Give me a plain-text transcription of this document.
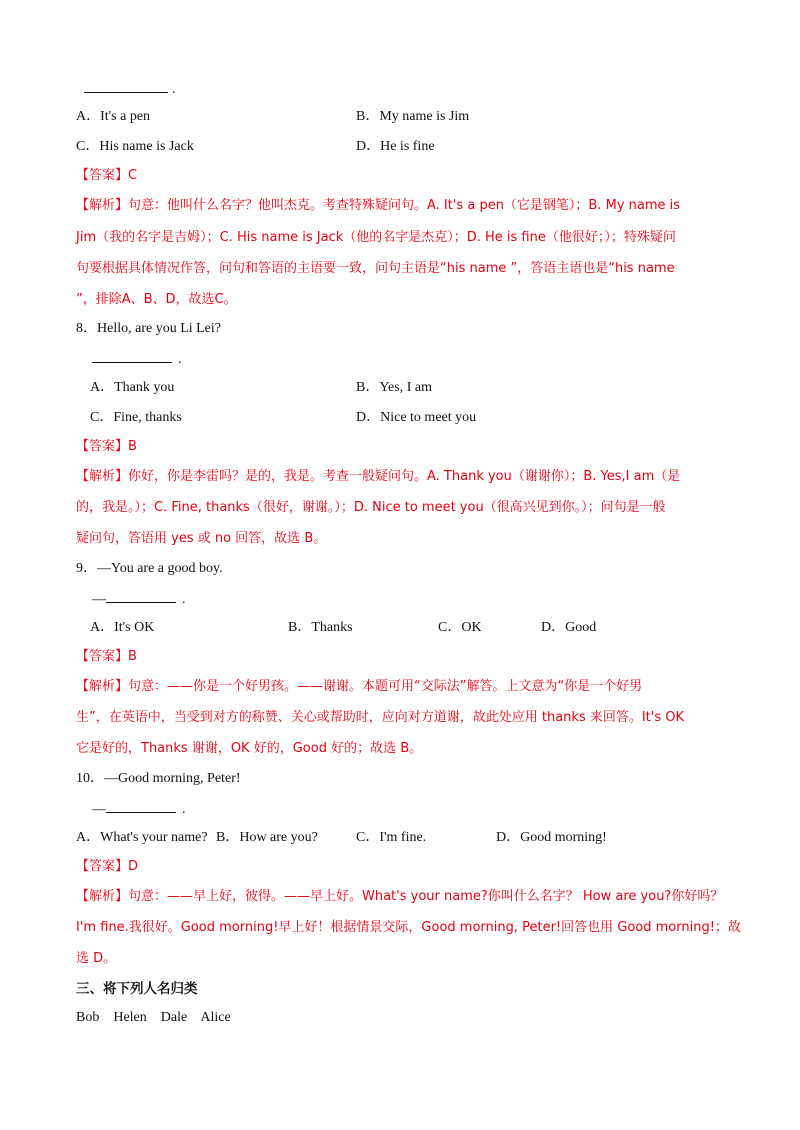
.
A．It's a pen	B．My name is Jim
C．His name is Jack	D．He is fine
【答案】C
【解析】句意：他叫什么名字？他叫杰克。考查特殊疑问句。A. It's a pen（它是钢笔）；B. My name is
Jim（我的名字是吉姆）；C. His name is Jack（他的名字是杰克）；D. He is fine（他很好；）；特殊疑问
句要根据具体情况作答，问句和答语的主语要一致，问句主语是“his name ”，答语主语也是“his name
”，排除A、B、D，故选C。
8．Hello, are you Li Lei?
.
A．Thank you	B．Yes, I am
C．Fine, thanks	D．Nice to meet you
【答案】B
【解析】你好，你是李雷吗？是的，我是。考查一般疑问句。A. Thank you（谢谢你）；B. Yes,I am（是
的，我是。）；C. Fine, thanks（很好，谢谢。）；D. Nice to meet you（很高兴见到你。）；问句是一般
疑问句，答语用 yes 或 no 回答，故选 B。
9．—You are a good boy.
—	.
A．It's OK	B．Thanks	C．OK	D．Good
【答案】B
【解析】句意：——你是一个好男孩。——谢谢。本题可用“交际法”解答。上文意为“你是一个好男
生”，在英语中，当受到对方的称赞、关心或帮助时，应向对方道谢，故此处应用 thanks 来回答。It's OK
它是好的，Thanks 谢谢，OK 好的，Good 好的；故选 B。
10．—Good morning, Peter!
—	.
A．What's your name? B．How are you?	C．I'm fine.	D．Good morning!
【答案】D
【解析】句意：——早上好，彼得。——早上好。What's your name?你叫什么名字？ How are you?你好吗？
I'm fine.我很好。Good morning!早上好！根据情景交际，Good morning, Peter!回答也用 Good morning!；故
选 D。
三、将下列人名归类
Bob    Helen    Dale    Alice
